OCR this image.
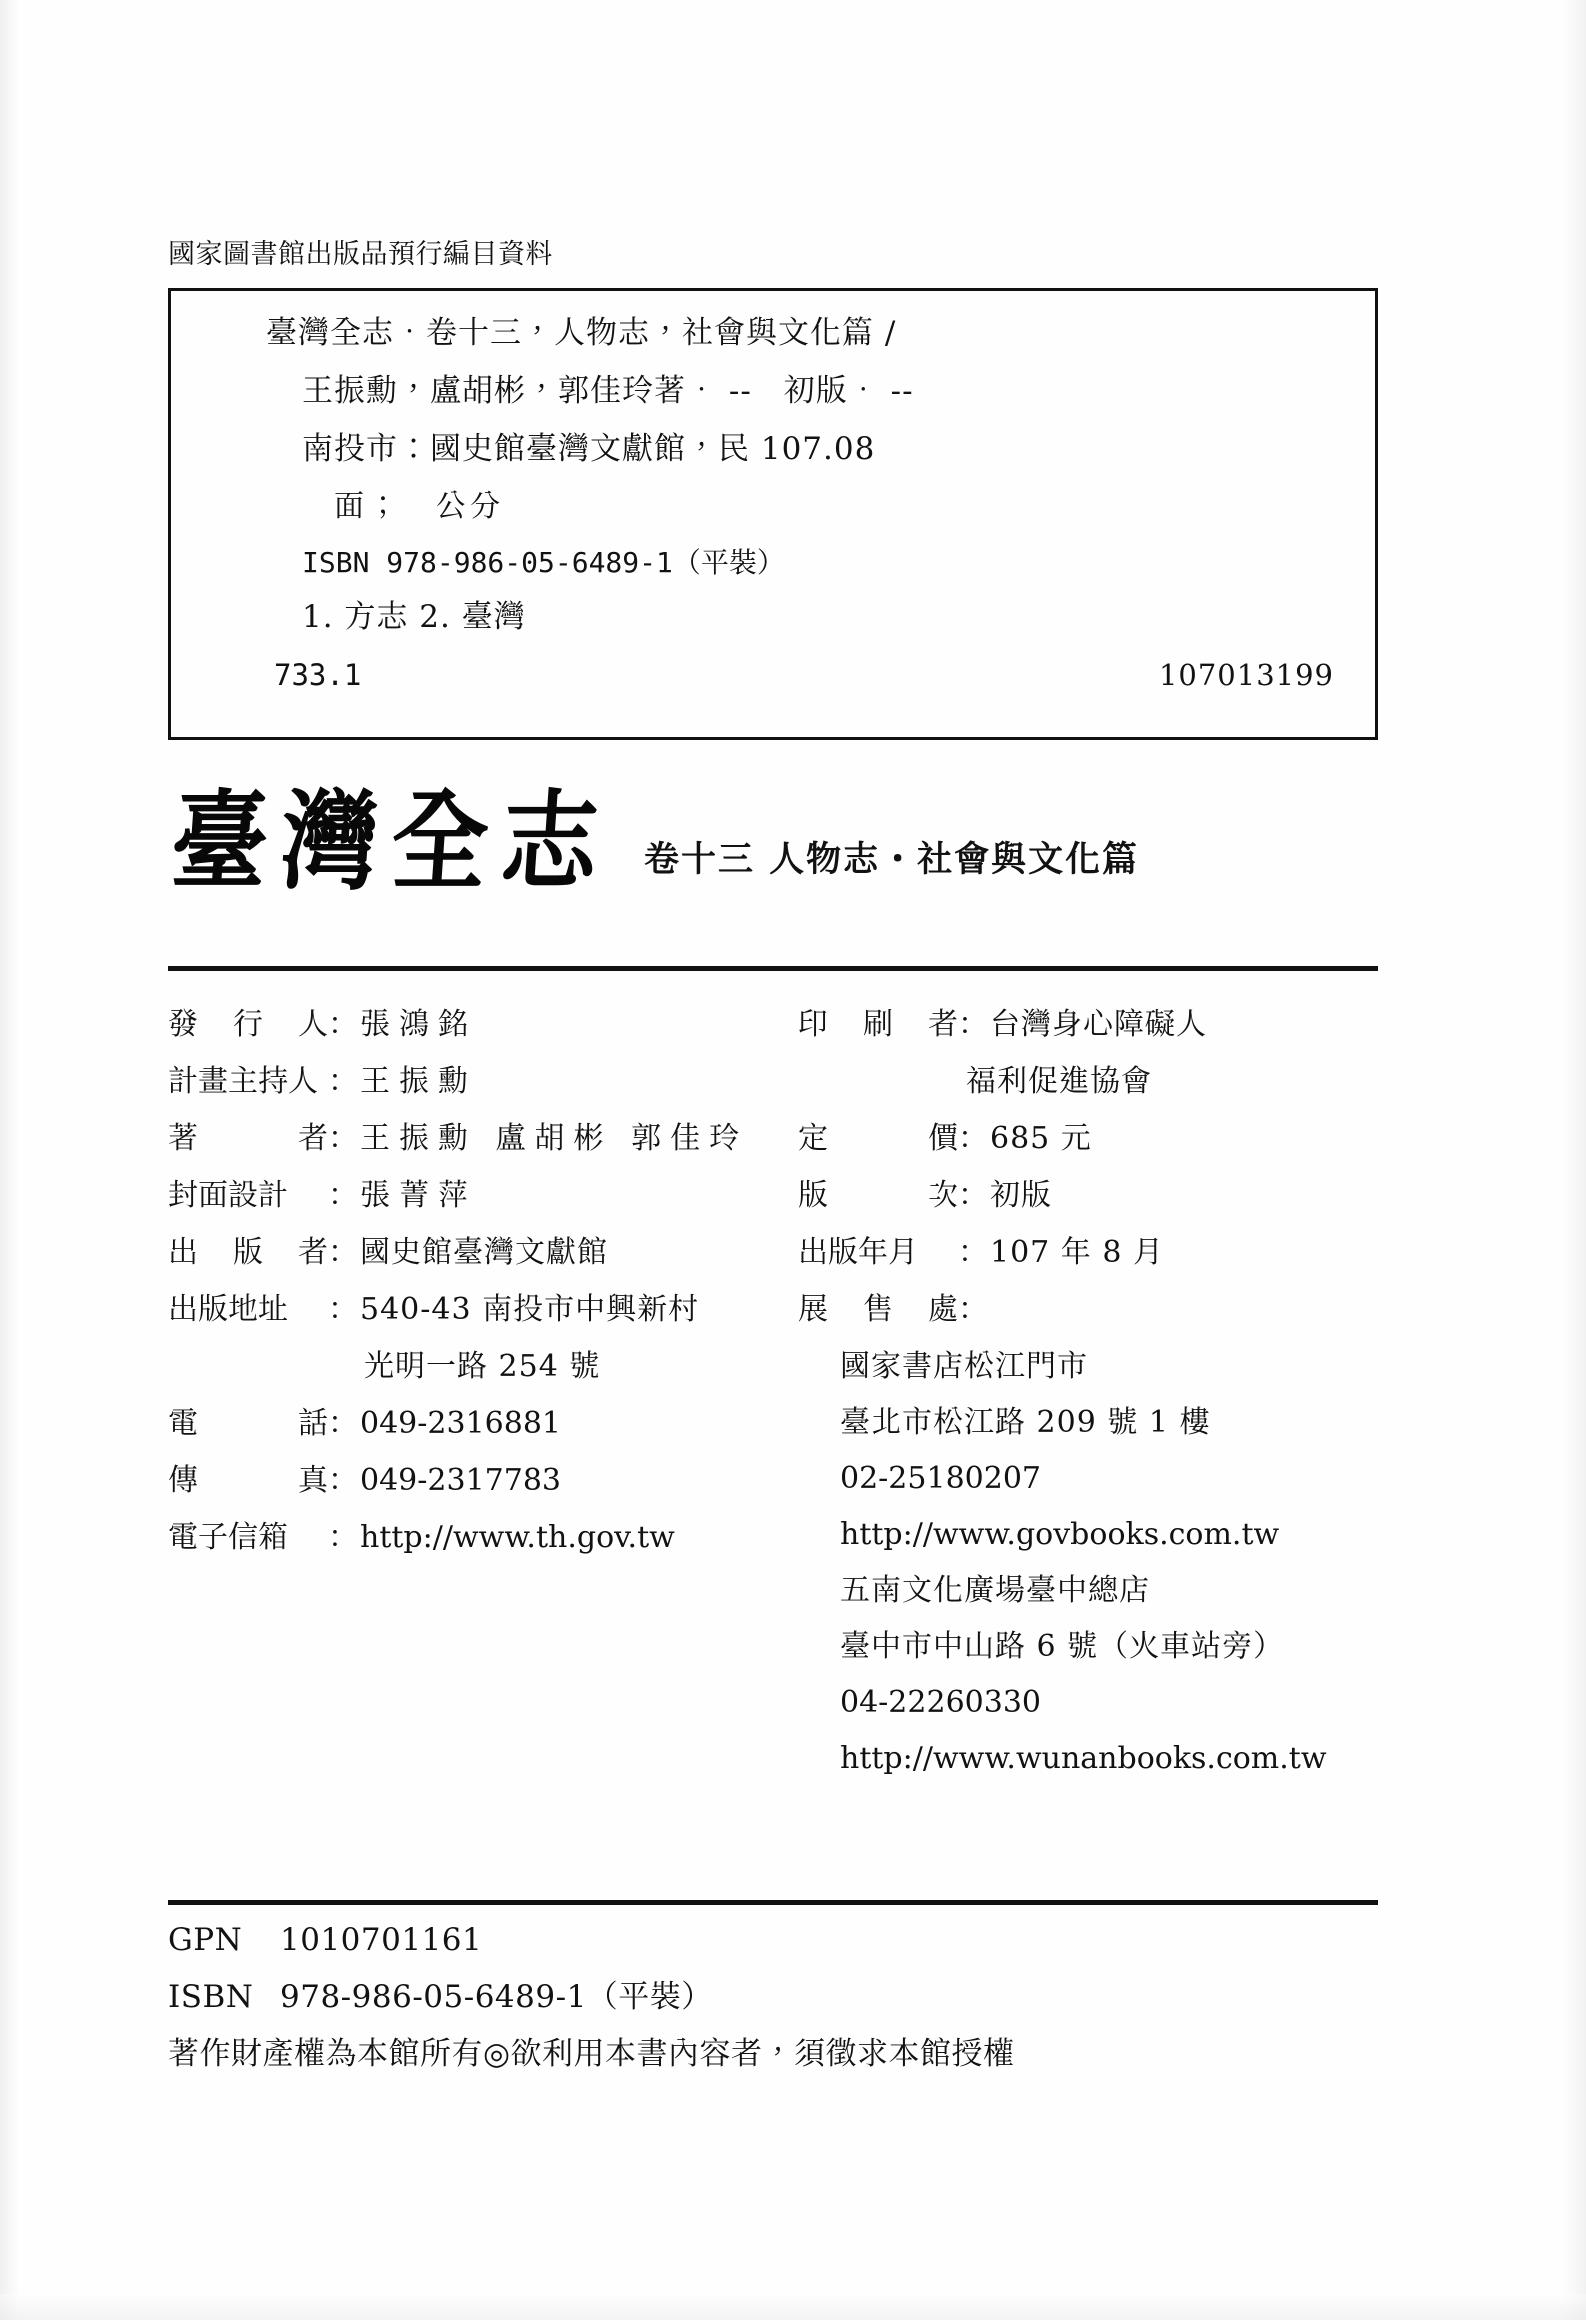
國家圖書館出版品預行編目資料
臺灣全志．卷十三，人物志，社會與文化篇 /
王振勳，盧胡彬，郭佳玲著． --　初版． --
南投市：國史館臺灣文獻館，民 107.08
面；　公分
ISBN 978-986-05-6489-1（平裝）
1. 方志 2. 臺灣
733.1	107013199
臺灣全志 卷十三 人物志・社會與文化篇
發 行 人 ： 張鴻銘
計畫主持人 ： 王振勳
著	者 ： 王振勳 盧胡彬 郭佳玲
封面設計	： 張菁萍
出 版 者 ： 國史館臺灣文獻館
出版地址	： 540-43 南投市中興新村
光明一路 254 號
電	話 ： 049-2316881
傳	真 ： 049-2317783
電子信箱	： http://www.th.gov.tw
印 刷 者 ： 台灣身心障礙人
福利促進協會
定	價 ： 685 元
版	次 ： 初版
出版年月	： 107 年 8 月
展 售 處 ：
國家書店松江門市
臺北市松江路 209 號 1 樓
02-25180207
http://www.govbooks.com.tw
五南文化廣場臺中總店
臺中市中山路 6 號（火車站旁）
04-22260330
http://www.wunanbooks.com.tw
GPN 1010701161
ISBN 978-986-05-6489-1（平裝）
著作財產權為本館所有◎欲利用本書內容者，須徵求本館授權
